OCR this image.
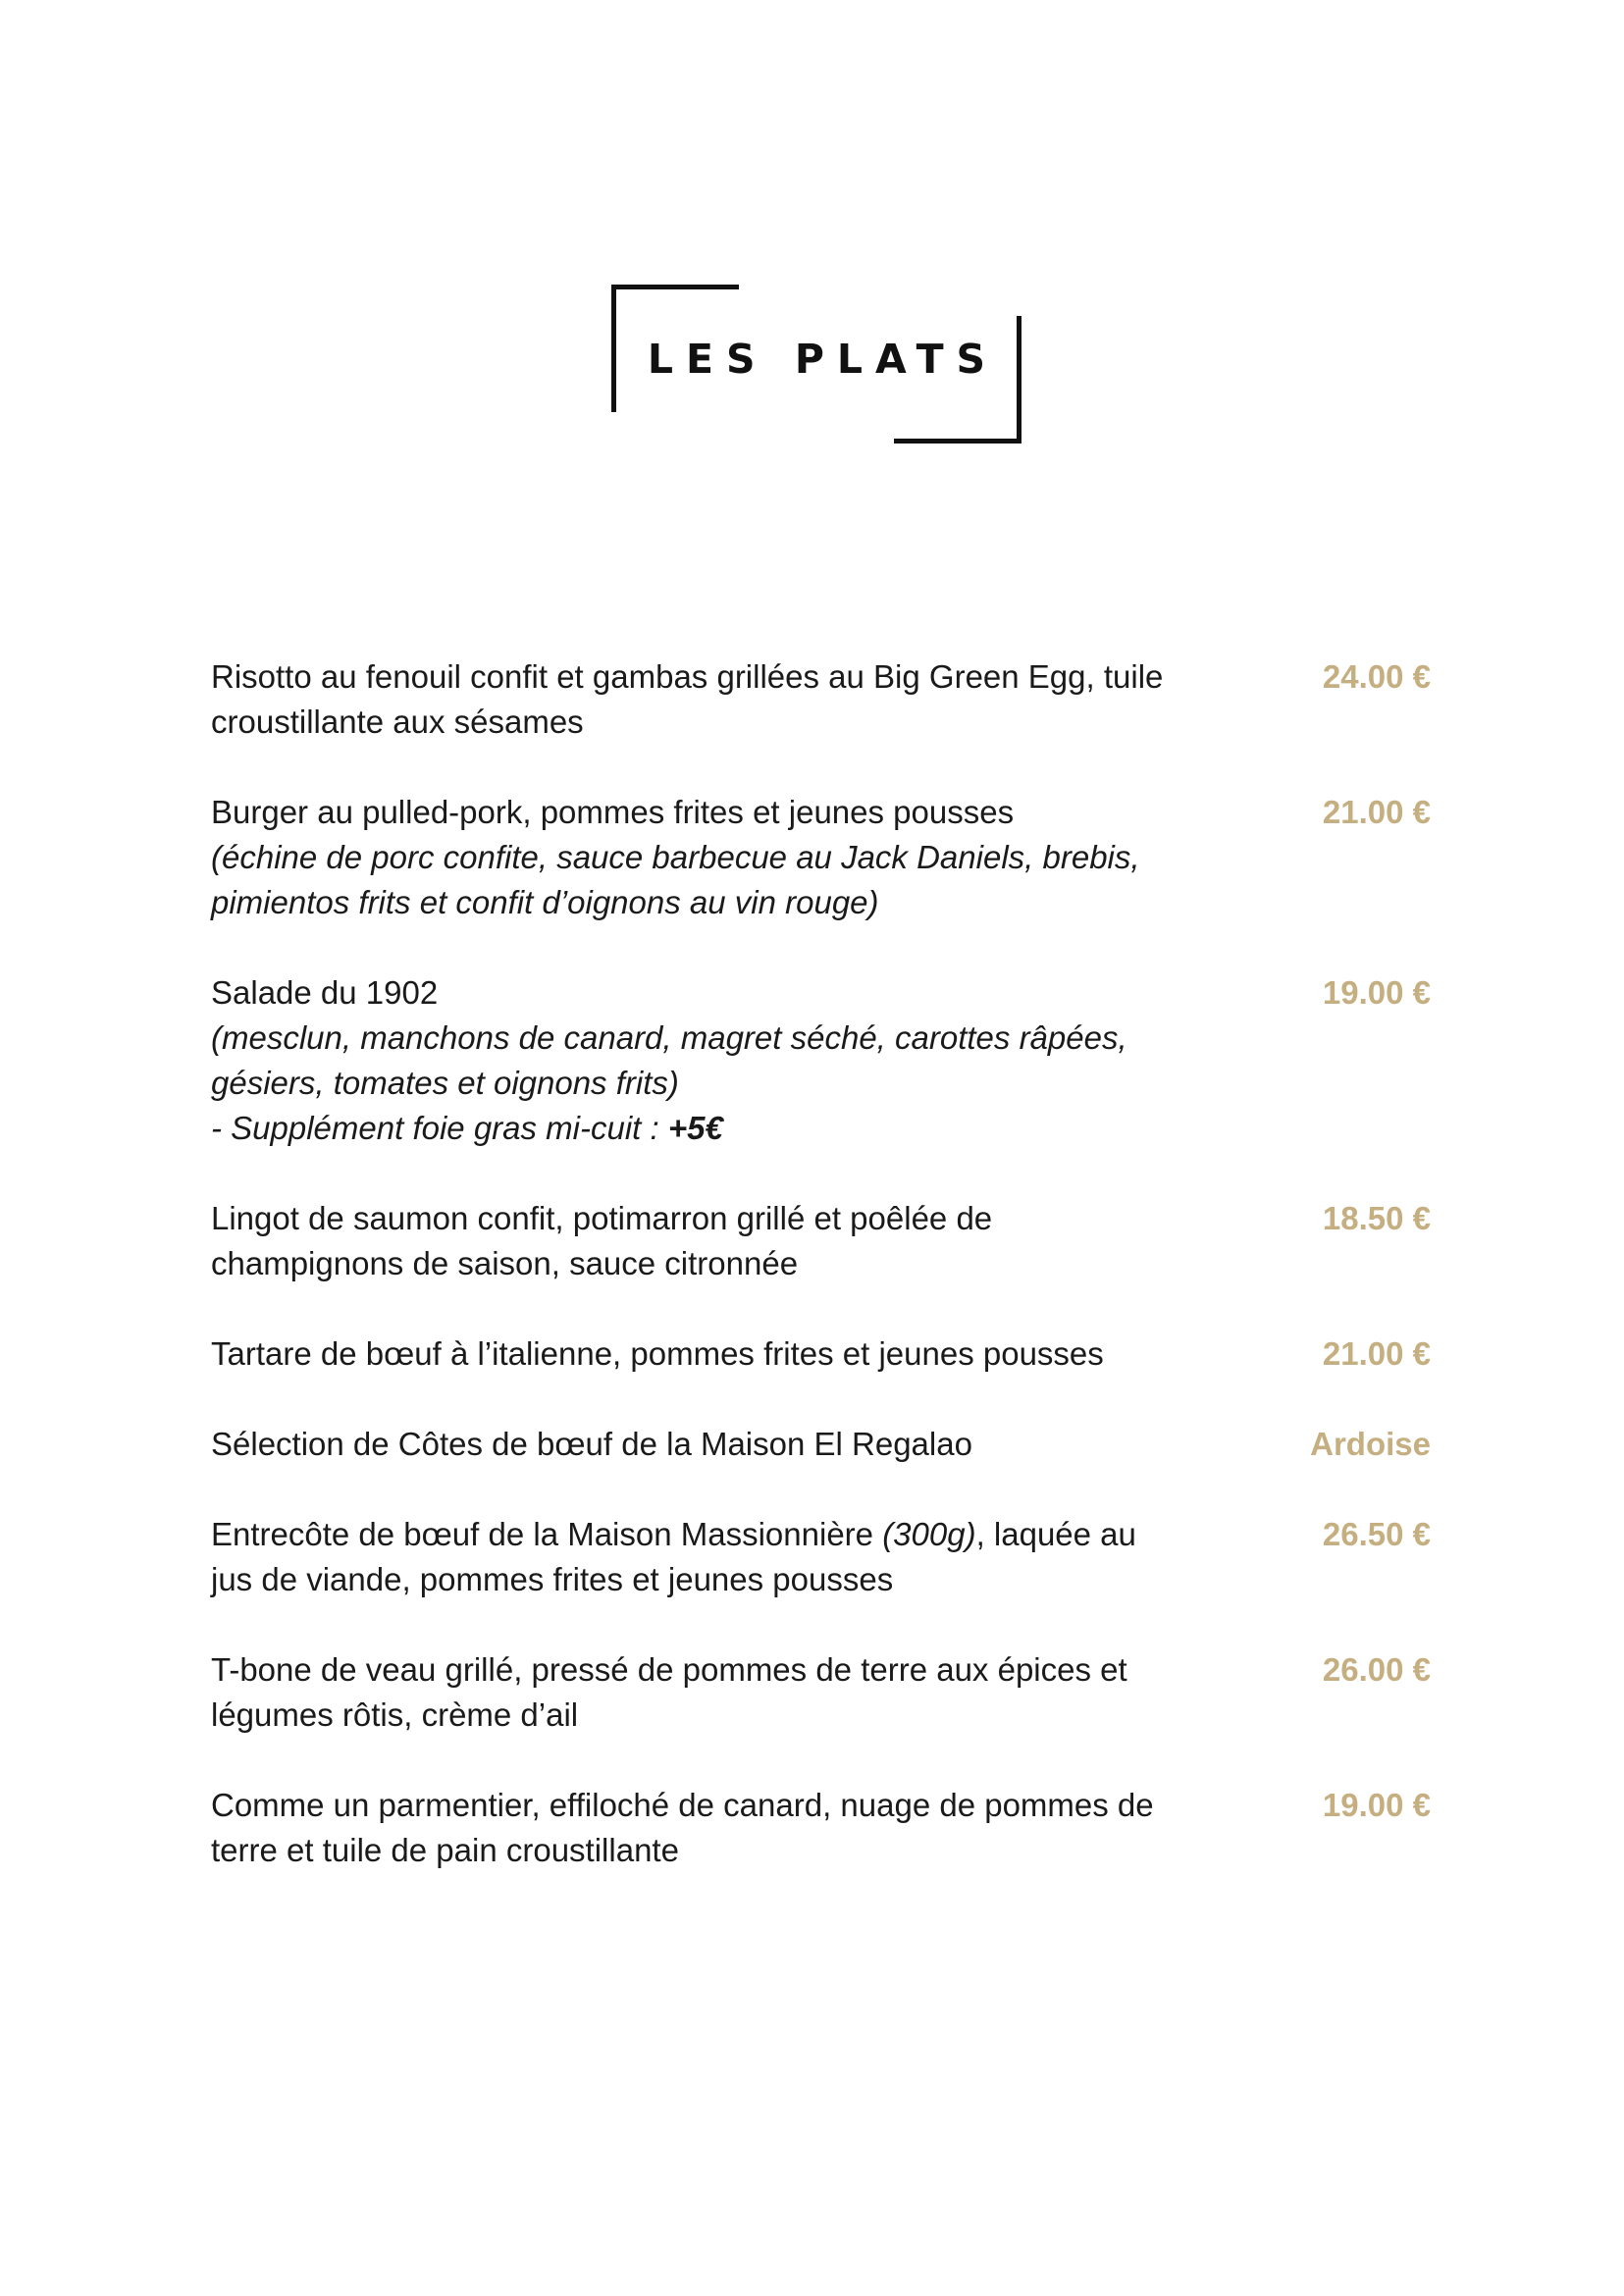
LES PLATS
Risotto au fenouil confit et gambas grillées au Big Green Egg, tuile
croustillante aux sésames
24.00 €
Burger au pulled-pork, pommes frites et jeunes pousses
(échine de porc confite, sauce barbecue au Jack Daniels, brebis,
pimientos frits et confit d’oignons au vin rouge)
21.00 €
Salade du 1902
(mesclun, manchons de canard, magret séché, carottes râpées,
gésiers, tomates et oignons frits)
- Supplément foie gras mi-cuit : +5€
19.00 €
Lingot de saumon confit, potimarron grillé et poêlée de
champignons de saison, sauce citronnée
18.50 €
Tartare de bœuf à l’italienne, pommes frites et jeunes pousses	21.00 €
Sélection de Côtes de bœuf de la Maison El Regalao	Ardoise
Entrecôte de bœuf de la Maison Massionnière (300g), laquée au
jus de viande, pommes frites et jeunes pousses
26.50 €
T-bone de veau grillé, pressé de pommes de terre aux épices et
légumes rôtis, crème d’ail
26.00 €
Comme un parmentier, effiloché de canard, nuage de pommes de
terre et tuile de pain croustillante
19.00 €
